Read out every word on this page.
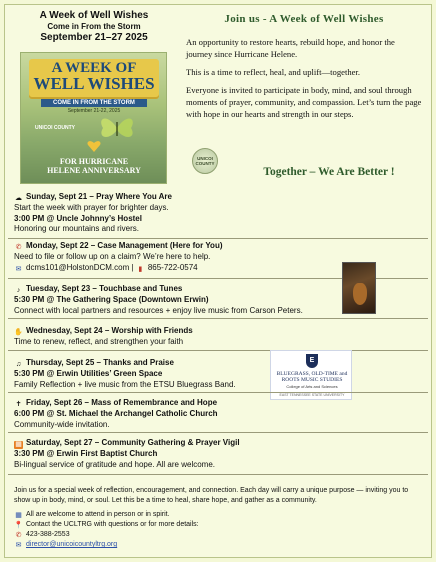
A Week of Well Wishes
Come in From the Storm
September 21–27 2025
A WEEK OF
WELL WISHES
COME IN FROM THE STORM
September 21-22, 2025
UNICOI COUNTY
FOR HURRICANE
HELENE ANNIVERSARY
Join us - A Week of Well Wishes

An opportunity to restore hearts, rebuild hope, and honor the journey since Hurricane Helene.

This is a time to reflect, heal, and uplift—together.

Everyone is invited to participate in body, mind, and soul through moments of prayer, community, and compassion. Let’s turn the page with hope in our hearts and strength in our steps.

UNICOI COUNTY
Together – We Are Better !
☁ Sunday, Sept 21 – Pray Where You Are
Start the week with prayer for brighter days.
3:00 PM @ Uncle Johnny’s Hostel
Honoring our mountains and rivers.
✆ Monday, Sept 22 – Case Management (Here for You)
Need to file or follow up on a claim? We’re here to help.
✉ dcms101@HolstonDCM.com | ▮ 865-722-0574
♪ Tuesday, Sept 23 – Touchbase and Tunes
5:30 PM @ The Gathering Space (Downtown Erwin)
Connect with local partners and resources + enjoy live music from Carson Peters.
✋ Wednesday, Sept 24 – Worship with Friends
Time to renew, reflect, and strengthen your faith
♫ Thursday, Sept 25 – Thanks and Praise
5:30 PM @ Erwin Utilities’ Green Space
Family Reflection + live music from the ETSU Bluegrass Band.
E
BLUEGRASS, OLD-TIME and ROOTS MUSIC STUDIES
College of Arts and Sciences
EAST TENNESSEE STATE UNIVERSITY
✝ Friday, Sept 26 – Mass of Remembrance and Hope
6:00 PM @ St. Michael the Archangel Catholic Church
Community-wide invitation.
▦ Saturday, Sept 27 – Community Gathering & Prayer Vigil
3:30 PM @ Erwin First Baptist Church
Bi-lingual service of gratitude and hope. All are welcome.
Join us for a special week of reflection, encouragement, and connection. Each day will carry a unique purpose — inviting you to
show up in body, mind, or soul. Let this be a time to heal, share hope, and gather as a community.
▦ All are welcome to attend in person or in spirit.
📍 Contact the UCLTRG with questions or for more details:
✆ 423-388-2553
✉ director@unicoicountyltrg.org
